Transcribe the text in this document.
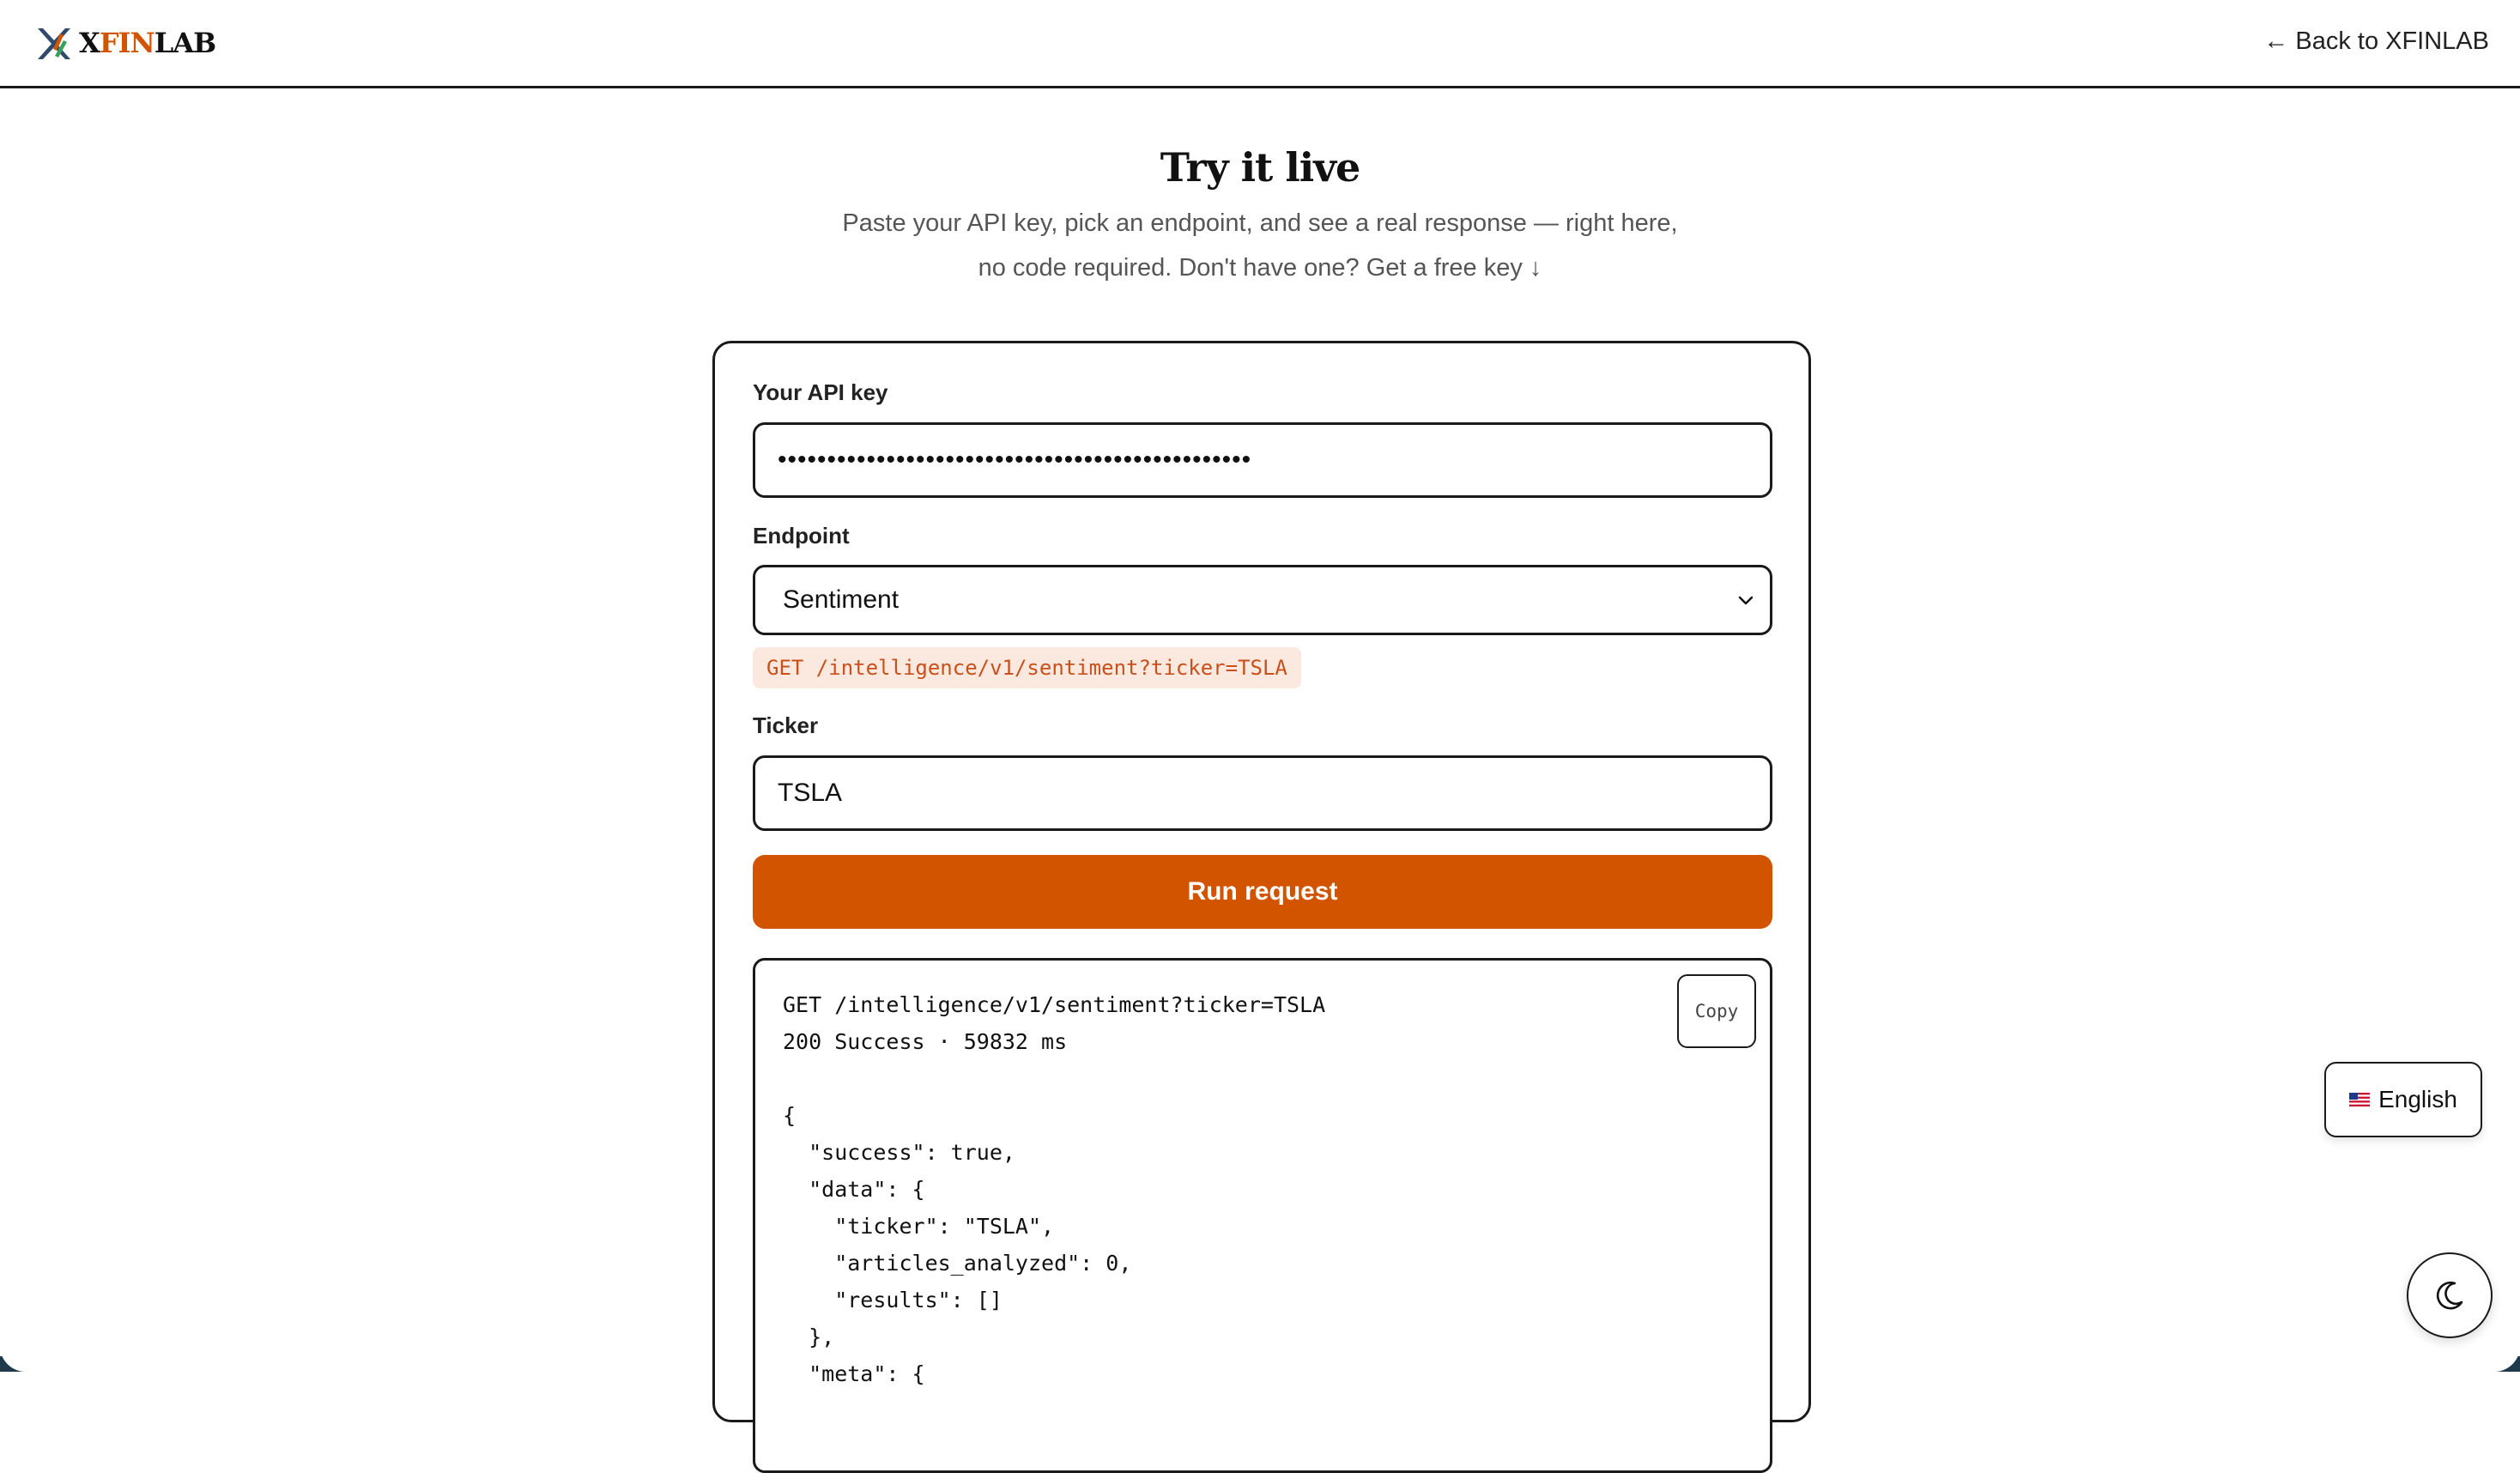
XFINLAB	← Back to XFINLAB
Try it live
Paste your API key, pick an endpoint, and see a real response — right here,
no code required. Don't have one? Get a free key ↓
Your API key
••••••••••••••••••••••••••••••••••••••••••••••••
Endpoint
Sentiment
GET /intelligence/v1/sentiment?ticker=TSLA
Ticker
TSLA
Run request
GET /intelligence/v1/sentiment?ticker=TSLA
200 Success · 59832 ms

{
"success": true,
"data": {
"ticker": "TSLA",
"articles_analyzed": 0,
"results": []
},
"meta": {
Copy
English
